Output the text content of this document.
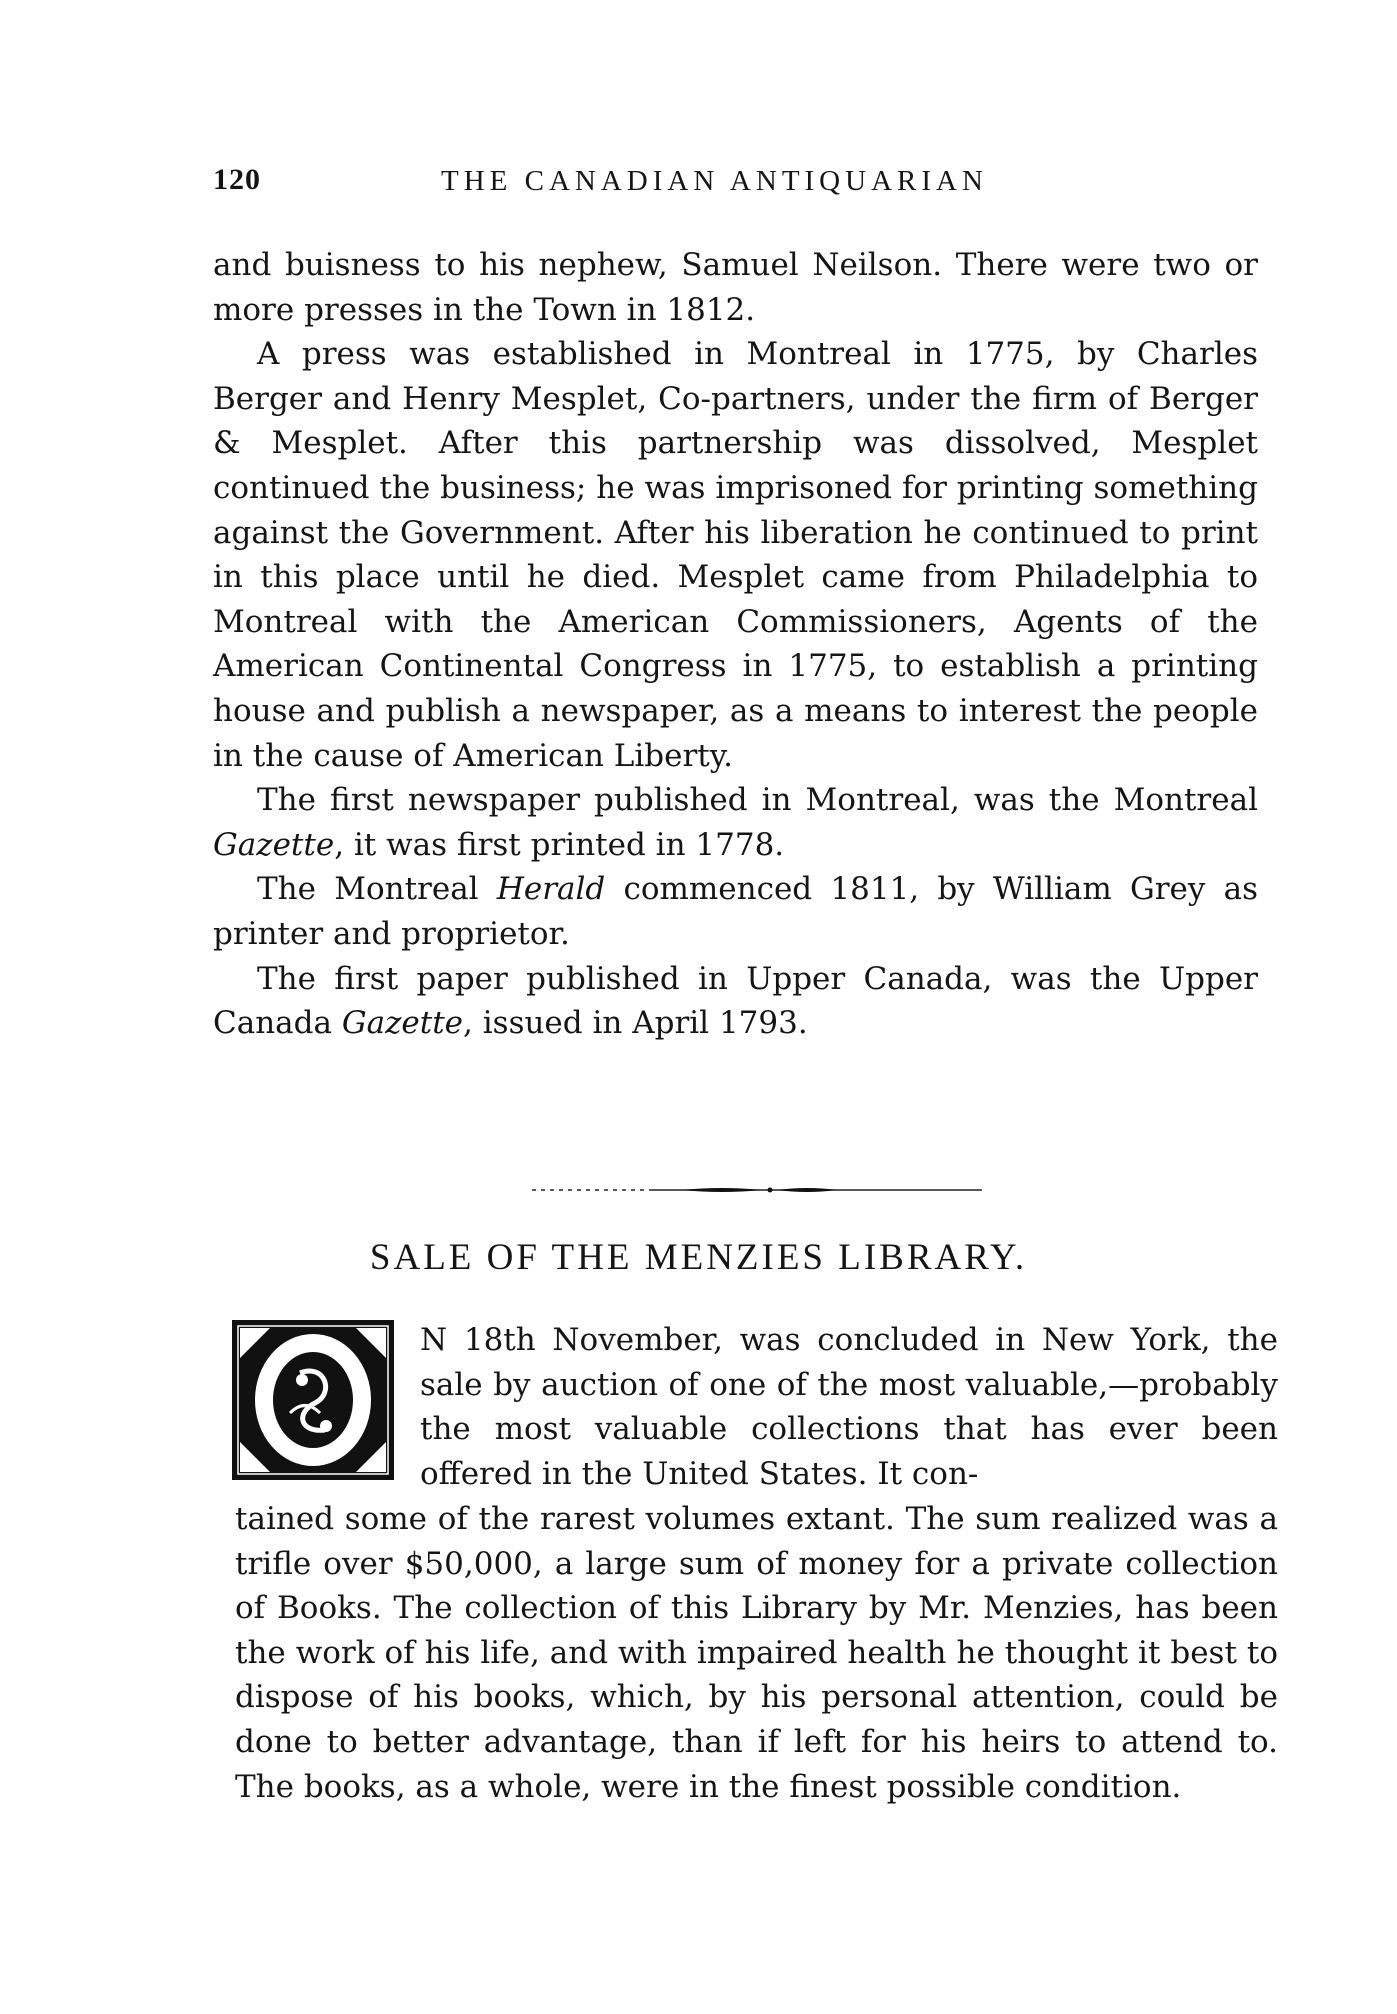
120	THE CANADIAN ANTIQUARIAN

and buisness to his nephew, Samuel Neilson. There were two or more presses in the Town in 1812.

A press was established in Montreal in 1775, by Charles Berger and Henry Mesplet, Co-partners, under the firm of Berger & Mesplet. After this partnership was dissolved, Mesplet continued the business; he was imprisoned for printing something against the Government. After his liberation he continued to print in this place until he died. Mesplet came from Philadelphia to Montreal with the American Commissioners, Agents of the American Continental Congress in 1775, to establish a printing house and publish a newspaper, as a means to interest the people in the cause of American Liberty.

The first newspaper published in Montreal, was the Montreal Gazette, it was first printed in 1778.

The Montreal Herald commenced 1811, by William Grey as printer and proprietor.

The first paper published in Upper Canada, was the Upper Canada Gazette, issued in April 1793.

SALE OF THE MENZIES LIBRARY.

N 18th November, was concluded in New York, the sale by auction of one of the most valuable,—probably the most valuable collections that has ever been offered in the United States. It con-

tained some of the rarest volumes extant. The sum realized was a trifle over $50,000, a large sum of money for a private collection of Books. The collection of this Library by Mr. Menzies, has been the work of his life, and with impaired health he thought it best to dispose of his books, which, by his personal attention, could be done to better advantage, than if left for his heirs to attend to. The books, as a whole, were in the finest possible condition.
